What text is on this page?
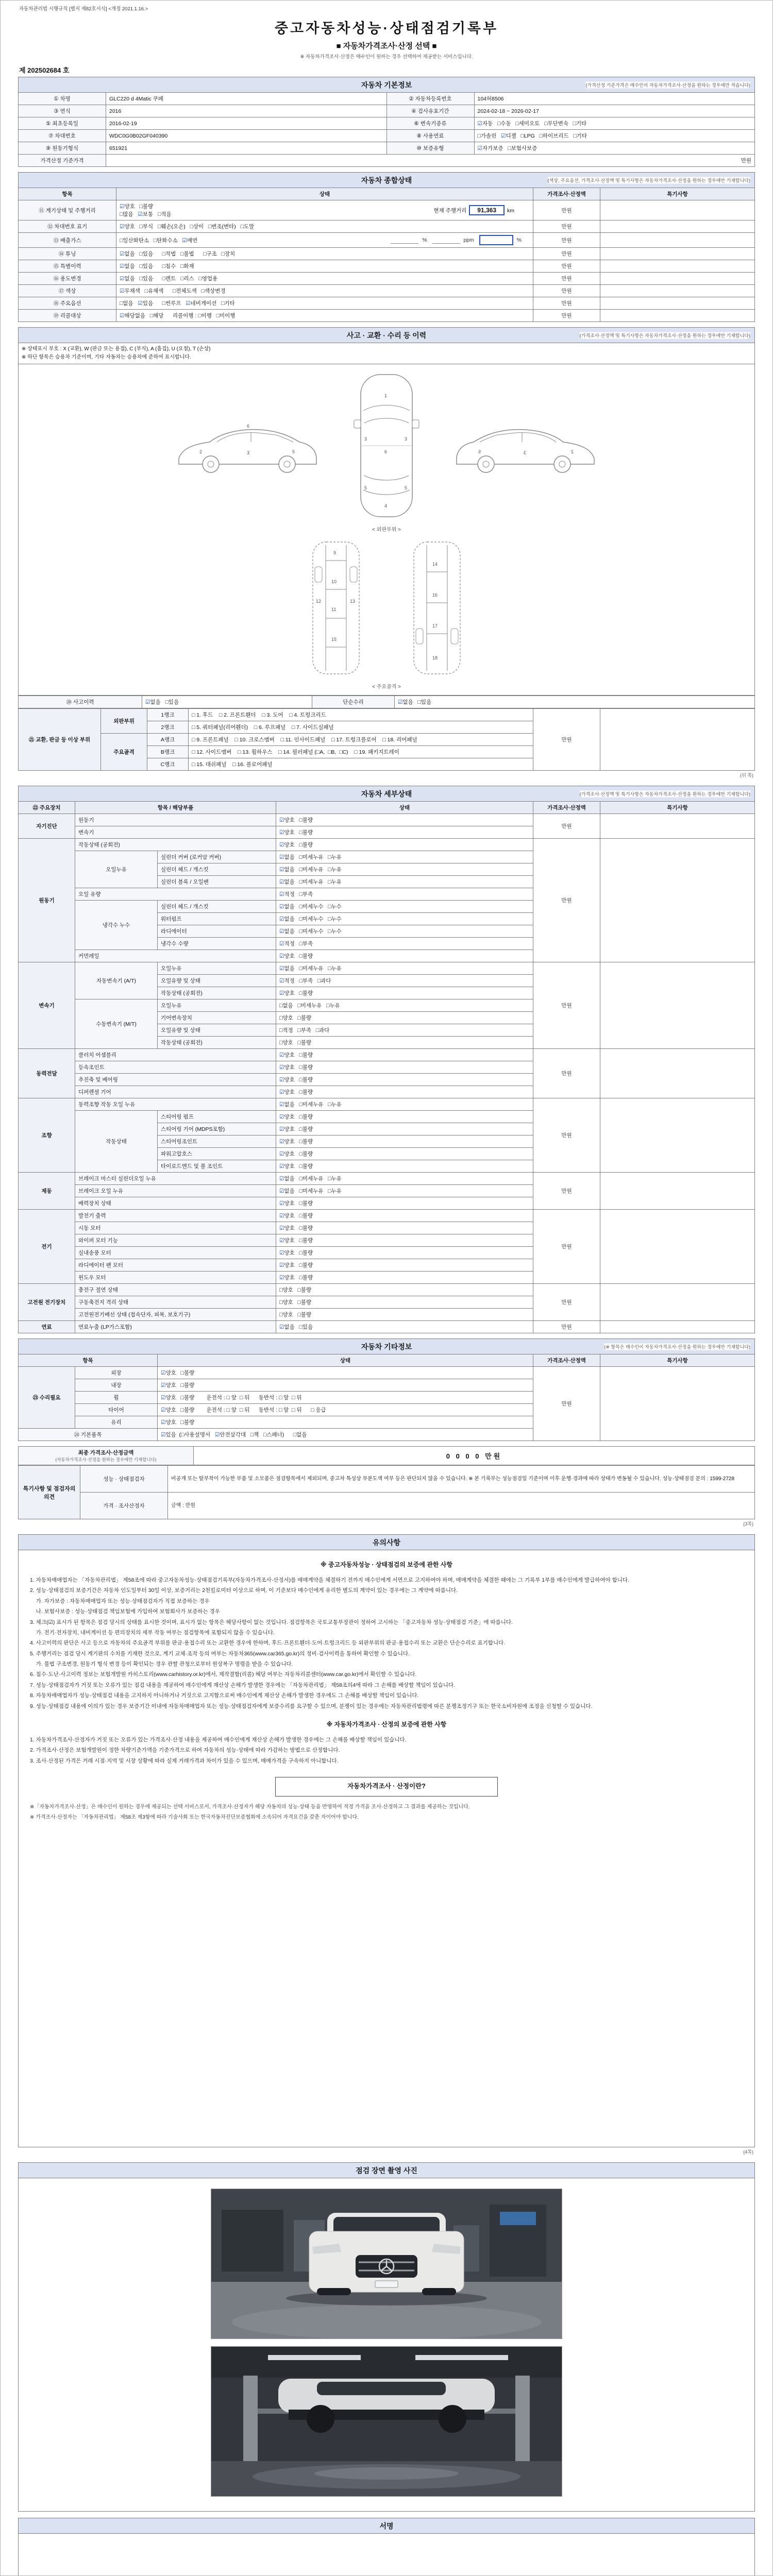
자동차관리법 시행규칙 [별지 제82호서식] <개정 2021.1.16.>
중고자동차성능·상태점검기록부
■ 자동차가격조사·산정 선택 ■
※ 자동차가격조사·산정은 매수인이 원하는 경우 선택하여 제공받는 서비스입니다.
제 202502684 호
자동차 기본정보	(가격산정 기준가격은 매수인이 자동차가격조사·산정을 원하는 경우에만 적습니다)
① 차명	GLC220 d 4Matic 쿠페	② 자동차등록번호	104허8506
③ 연식	2016	④ 검사유효기간	2024-02-18 ~ 2026-02-17
⑤ 최초등록일	2016-02-19	⑥ 변속기종류	☑자동   □수동   □세미오토   □무단변속   □기타
⑦ 차대번호	WDC0G0B02GF040390	⑧ 사용연료	□가솔린   ☑디젤   □LPG   □하이브리드   □기타
⑨ 원동기형식	651921	⑩ 보증유형	☑자가보증   □보험사보증
가격산정 기준가격	만원		
자동차 종합상태	(색상, 주요옵션, 가격조사·산정액 및 특기사항은 자동차가격조사·산정을 원하는 경우에만 기재합니다)
항목	상태	가격조사·산정액	특기사항
⑪ 계기상태 및 주행거리	☑양호   □불량
□많음   ☑보통   □적음
현재 주행거리 91,363 km	만원	
⑫ 차대번호 표기	☑양호   □부식   □훼손(오손)   □상이   □변조(변타)   □도말	만원	
⑬ 배출가스	□일산화탄소   □탄화수소   ☑매연 % ppm %	만원	
⑭ 튜닝	☑없음   □있음      □적법   □불법      □구조   □장치	만원	
⑮ 특별이력	☑없음   □있음      □침수   □화재	만원	
⑯ 용도변경	☑없음   □있음      □렌트   □리스   □영업용	만원	
⑰ 색상	☑무채색   □유채색      □전체도색   □색상변경	만원	
⑱ 주요옵션	□없음   ☑있음      □썬루프   ☑네비게이션   □기타	만원	
⑲ 리콜대상	☑해당없음   □해당      리콜이행 : □이행   □미이행	만원	
사고 · 교환 · 수리 등 이력	(가격조사·산정액 및 특기사항은 자동차가격조사·산정을 원하는 경우에만 기재합니다)
※ 상태표시 부호 : X (교환), W (판금 또는 용접), C (부식), A (흠집), U (요철), T (손상)
※ 하단 항목은 승용차 기준이며, 기타 자동차는 승용차에 준하여 표시합니다.

2	3	5
6
1
6
4
3	3
5	5
2
3
5
< 외판부위 >
9
10
11
12	13
15
14
16
17
18
< 주요골격 >
⑳ 사고이력	☑없음   □있음	단순수리	☑없음   □있음
㉑ 교환, 판금 등 이상 부위	외판부위	1랭크	□ 1. 후드    □ 2. 프론트휀더    □ 3. 도어    □ 4. 트렁크리드	만원	
		2랭크	□ 5. 쿼터패널(리어휀더)    □ 6. 루프패널    □ 7. 사이드실패널		
	주요골격	A랭크	□ 9. 프론트패널    □ 10. 크로스멤버    □ 11. 인사이드패널    □ 17. 트렁크플로어    □ 18. 리어패널		
		B랭크	□ 12. 사이드멤버    □ 13. 휠하우스    □ 14. 필러패널 (□A,  □B,  □C)    □ 19. 패키지트레이		
		C랭크	□ 15. 대쉬패널    □ 16. 플로어패널		
(뒤 쪽)
자동차 세부상태	(가격조사·산정액 및 특기사항은 자동차가격조사·산정을 원하는 경우에만 기재합니다)
㉒ 주요장치	항목 / 해당부품		상태	가격조사·산정액	특기사항
자기진단	원동기		☑양호   □불량	만원	
	변속기		☑양호   □불량		
원동기	작동상태 (공회전)		☑양호   □불량	만원	
	오일누유	실린더 커버 (로커암 커버)	☑없음   □미세누유   □누유		
		실린더 헤드 / 개스킷	☑없음   □미세누유   □누유		
		실린더 블록 / 오일팬	☑없음   □미세누유   □누유		
	오일 유량		☑적정   □부족		
	냉각수 누수	실린더 헤드 / 개스킷	☑없음   □미세누수   □누수		
		워터펌프	☑없음   □미세누수   □누수		
		라디에이터	☑없음   □미세누수   □누수		
		냉각수 수량	☑적정   □부족		
	커먼레일		☑양호   □불량		
변속기	자동변속기 (A/T)	오일누유	☑없음   □미세누유   □누유	만원	
		오일유량 및 상태	☑적정   □부족   □과다		
		작동상태 (공회전)	☑양호   □불량		
	수동변속기 (M/T)	오일누유	□없음   □미세누유   □누유		
		기어변속장치	□양호   □불량		
		오일유량 및 상태	□적정   □부족   □과다		
		작동상태 (공회전)	□양호   □불량		
동력전달	클러치 어셈블리		☑양호   □불량	만원	
	등속조인트		☑양호   □불량		
	추진축 및 베어링		☑양호   □불량		
	디퍼렌셜 기어		☑양호   □불량		
조향	동력조향 작동 오일 누유		☑없음   □미세누유   □누유	만원	
	작동상태	스티어링 펌프	☑양호   □불량		
		스티어링 기어 (MDPS포함)	☑양호   □불량		
		스티어링조인트	☑양호   □불량		
		파워고압호스	☑양호   □불량		
		타이로드엔드 및 볼 조인트	☑양호   □불량		
제동	브레이크 마스터 실린더오일 누유		☑없음   □미세누유   □누유	만원	
	브레이크 오일 누유		☑없음   □미세누유   □누유		
	배력장치 상태		☑양호   □불량		
전기	발전기 출력		☑양호   □불량	만원	
	시동 모터		☑양호   □불량		
	와이퍼 모터 기능		☑양호   □불량		
	실내송풍 모터		☑양호   □불량		
	라디에이터 팬 모터		☑양호   □불량		
	윈도우 모터		☑양호   □불량		
고전원 전기장치	충전구 절연 상태		□양호   □불량	만원	
	구동축전지 격리 상태		□양호   □불량		
	고전원전기배선 상태 (접속단자, 피복, 보호기구)		□양호   □불량		
연료	연료누출 (LP가스포함)		☑없음   □있음	만원	
자동차 기타정보	(※ 항목은 매수인이 자동차가격조사·산정을 원하는 경우에만 기재합니다)
항목		상태	가격조사·산정액	특기사항
㉓ 수리필요	외장	☑양호   □불량	만원	
	내장	☑양호   □불량		
	휠	☑양호   □불량        운전석 : □ 앞  □ 뒤      동반석 : □ 앞  □ 뒤		
	타이어	☑양호   □불량        운전석 : □ 앞  □ 뒤      동반석 : □ 앞  □ 뒤      □ 응급		
	유리	☑양호   □불량		
㉔ 기본품목		☑있음  (□사용설명서   ☑안전삼각대   □잭   □스패너)      □없음		
최종 가격조사·산정금액
(자동차가격조사·산정을 원하는 경우에만 기재합니다)	0 0 0 0 만원
특기사항 및 점검자의 의견	성능 · 상태점검자	비공개 또는 탈부착이 가능한 부품 및 소모품은 점검항목에서 제외되며, 중고차 특성상 부분도색 여부 등은 판단되지 않을 수 있습니다. ※ 본 기록부는 성능점검일 기준이며 이후 운행·경과에 따라 상태가 변동될 수 있습니다. 성능·상태점검 문의 : 1599-2728
	가격 · 조사산정자	금액 : 만원
(3쪽)
유의사항
※ 중고자동차성능 · 상태점검의 보증에 관한 사항
1. 자동차매매업자는 「자동차관리법」 제58조에 따라 중고자동차성능·상태점검기록부(자동차가격조사·산정서)를 매매계약을 체결하기 전까지 매수인에게 서면으로 고지하여야 하며, 매매계약을 체결한 때에는 그 기록부 1부를 매수인에게 발급하여야 합니다.
2. 성능·상태점검의 보증기간은 자동차 인도일부터 30일 이상, 보증거리는 2천킬로미터 이상으로 하며, 이 기준보다 매수인에게 유리한 별도의 계약이 있는 경우에는 그 계약에 따릅니다.
가. 자가보증 : 자동차매매업자 또는 성능·상태점검자가 직접 보증하는 경우
나. 보험사보증 : 성능·상태점검 책임보험에 가입하여 보험회사가 보증하는 경우
3. 체크(☑) 표시가 된 항목은 점검 당시의 상태를 표시한 것이며, 표시가 없는 항목은 해당사항이 없는 것입니다. 점검항목은 국토교통부장관이 정하여 고시하는 「중고자동차 성능·상태점검 기준」에 따릅니다.
가. 전기·전자장치, 내비게이션 등 편의장치의 세부 작동 여부는 점검항목에 포함되지 않을 수 있습니다.
4. 사고이력의 판단은 사고 등으로 자동차의 주요골격 부위를 판금·용접수리 또는 교환한 경우에 한하며, 후드·프론트휀더·도어·트렁크리드 등 외판부위의 판금·용접수리 또는 교환은 단순수리로 표기합니다.
5. 주행거리는 점검 당시 계기판의 수치를 기재한 것으로, 계기 교체·조작 등의 여부는 자동차365(www.car365.go.kr)의 정비·검사이력을 통하여 확인할 수 있습니다.
가. 불법 구조변경, 원동기 형식 변경 등이 확인되는 경우 관할 관청으로부터 원상복구 명령을 받을 수 있습니다.
6. 침수·도난·사고이력 정보는 보험개발원 카히스토리(www.carhistory.or.kr)에서, 제작결함(리콜) 해당 여부는 자동차리콜센터(www.car.go.kr)에서 확인할 수 있습니다.
7. 성능·상태점검자가 거짓 또는 오류가 있는 점검 내용을 제공하여 매수인에게 재산상 손해가 발생한 경우에는 「자동차관리법」 제58조의4에 따라 그 손해를 배상할 책임이 있습니다.
8. 자동차매매업자가 성능·상태점검 내용을 고지하지 아니하거나 거짓으로 고지함으로써 매수인에게 재산상 손해가 발생한 경우에도 그 손해를 배상할 책임이 있습니다.
9. 성능·상태점검 내용에 이의가 있는 경우 보증기간 이내에 자동차매매업자 또는 성능·상태점검자에게 보증수리를 요구할 수 있으며, 분쟁이 있는 경우에는 자동차관리법령에 따른 분쟁조정기구 또는 한국소비자원에 조정을 신청할 수 있습니다.
※ 자동차가격조사 · 산정의 보증에 관한 사항
1. 자동차가격조사·산정자가 거짓 또는 오류가 있는 가격조사·산정 내용을 제공하여 매수인에게 재산상 손해가 발생한 경우에는 그 손해를 배상할 책임이 있습니다.
2. 가격조사·산정은 보험개발원이 정한 차량기준가액을 기준가격으로 하여 자동차의 성능·상태에 따라 가감하는 방법으로 산정합니다.
3. 조사·산정된 가격은 거래 시점·지역 및 시장 상황에 따라 실제 거래가격과 차이가 있을 수 있으며, 매매가격을 구속하지 아니합니다.
자동차가격조사 · 산정이란?
※「자동차가격조사·산정」은 매수인이 원하는 경우에 제공되는 선택 서비스로서, 가격조사·산정자가 해당 자동차의 성능·상태 등을 반영하여 적정 가격을 조사·산정하고 그 결과를 제공하는 것입니다.
※ 가격조사·산정자는 「자동차관리법」 제58조 제3항에 따라 기술사회 또는 한국자동차진단보증협회에 소속되어 자격요건을 갖춘 자이어야 합니다.
(4쪽)
점검 장면 촬영 사진
서명
